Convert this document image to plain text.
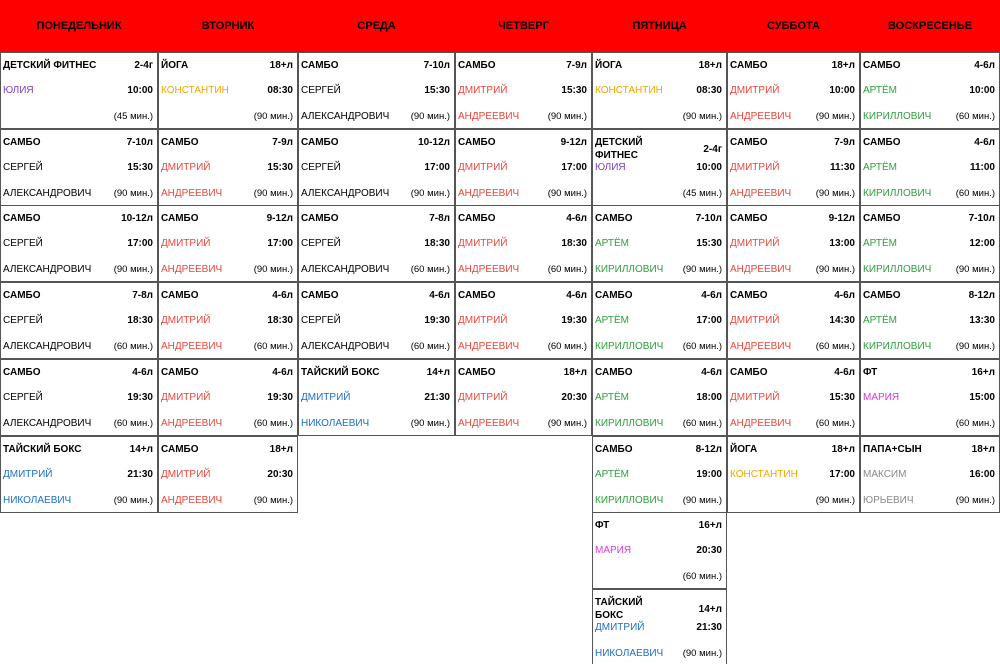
ПОНЕДЕЛЬНИК
ДЕТСКИЙ ФИТНЕС	2-4г
ЮЛИЯ	10:00
(45 мин.)
САМБО	7-10л
СЕРГЕЙ	15:30
АЛЕКСАНДРОВИЧ (90 мин.)
САМБО	10-12л
СЕРГЕЙ	17:00
АЛЕКСАНДРОВИЧ (90 мин.)
САМБО	7-8л
СЕРГЕЙ	18:30
АЛЕКСАНДРОВИЧ (60 мин.)
САМБО	4-6л
СЕРГЕЙ	19:30
АЛЕКСАНДРОВИЧ (60 мин.)
ТАЙСКИЙ БОКС	14+л
ДМИТРИЙ	21:30
НИКОЛАЕВИЧ	(90 мин.)
ВТОРНИК
ЙОГА	18+л
КОНСТАНТИН	08:30
(90 мин.)
САМБО	7-9л
ДМИТРИЙ	15:30
АНДРЕЕВИЧ	(90 мин.)
САМБО	9-12л
ДМИТРИЙ	17:00
АНДРЕЕВИЧ	(90 мин.)
САМБО	4-6л
ДМИТРИЙ	18:30
АНДРЕЕВИЧ	(60 мин.)
САМБО	4-6л
ДМИТРИЙ	19:30
АНДРЕЕВИЧ	(60 мин.)
САМБО	18+л
ДМИТРИЙ	20:30
АНДРЕЕВИЧ	(90 мин.)
СРЕДА
САМБО	7-10л
СЕРГЕЙ	15:30
АЛЕКСАНДРОВИЧ (90 мин.)
САМБО	10-12л
СЕРГЕЙ	17:00
АЛЕКСАНДРОВИЧ (90 мин.)
САМБО	7-8л
СЕРГЕЙ	18:30
АЛЕКСАНДРОВИЧ (60 мин.)
САМБО	4-6л
СЕРГЕЙ	19:30
АЛЕКСАНДРОВИЧ (60 мин.)
ТАЙСКИЙ БОКС	14+л
ДМИТРИЙ	21:30
НИКОЛАЕВИЧ	(90 мин.)
ЧЕТВЕРГ
САМБО	7-9л
ДМИТРИЙ	15:30
АНДРЕЕВИЧ	(90 мин.)
САМБО	9-12л
ДМИТРИЙ	17:00
АНДРЕЕВИЧ	(90 мин.)
САМБО	4-6л
ДМИТРИЙ	18:30
АНДРЕЕВИЧ	(60 мин.)
САМБО	4-6л
ДМИТРИЙ	19:30
АНДРЕЕВИЧ	(60 мин.)
САМБО	18+л
ДМИТРИЙ	20:30
АНДРЕЕВИЧ	(90 мин.)
ПЯТНИЦА
ЙОГА	18+л
КОНСТАНТИН	08:30
(90 мин.)
ДЕТСКИЙ ФИТНЕС
2-4г
ЮЛИЯ	10:00
(45 мин.)
САМБО	7-10л
АРТЁМ	15:30
КИРИЛЛОВИЧ (90 мин.)
САМБО	4-6л
АРТЁМ	17:00
КИРИЛЛОВИЧ (60 мин.)
САМБО	4-6л
АРТЁМ	18:00
КИРИЛЛОВИЧ (60 мин.)
САМБО	8-12л
АРТЁМ	19:00
КИРИЛЛОВИЧ (90 мин.)
ФТ	16+л
МАРИЯ	20:30
(60 мин.)
ТАЙСКИЙ БОКС
14+л
ДМИТРИЙ	21:30
НИКОЛАЕВИЧ (90 мин.)
СУББОТА
САМБО	18+л
ДМИТРИЙ	10:00
АНДРЕЕВИЧ	(90 мин.)
САМБО	7-9л
ДМИТРИЙ	11:30
АНДРЕЕВИЧ	(90 мин.)
САМБО	9-12л
ДМИТРИЙ	13:00
АНДРЕЕВИЧ	(90 мин.)
САМБО	4-6л
ДМИТРИЙ	14:30
АНДРЕЕВИЧ	(60 мин.)
САМБО	4-6л
ДМИТРИЙ	15:30
АНДРЕЕВИЧ	(60 мин.)
ЙОГА	18+л
КОНСТАНТИН	17:00
(90 мин.)
ВОСКРЕСЕНЬЕ
САМБО	4-6л
АРТЁМ	10:00
КИРИЛЛОВИЧ	(60 мин.)
САМБО	4-6л
АРТЁМ	11:00
КИРИЛЛОВИЧ	(60 мин.)
САМБО	7-10л
АРТЁМ	12:00
КИРИЛЛОВИЧ	(90 мин.)
САМБО	8-12л
АРТЁМ	13:30
КИРИЛЛОВИЧ	(90 мин.)
ФТ	16+л
МАРИЯ	15:00
(60 мин.)
ПАПА+СЫН	18+л
МАКСИМ	16:00
ЮРЬЕВИЧ	(90 мин.)
